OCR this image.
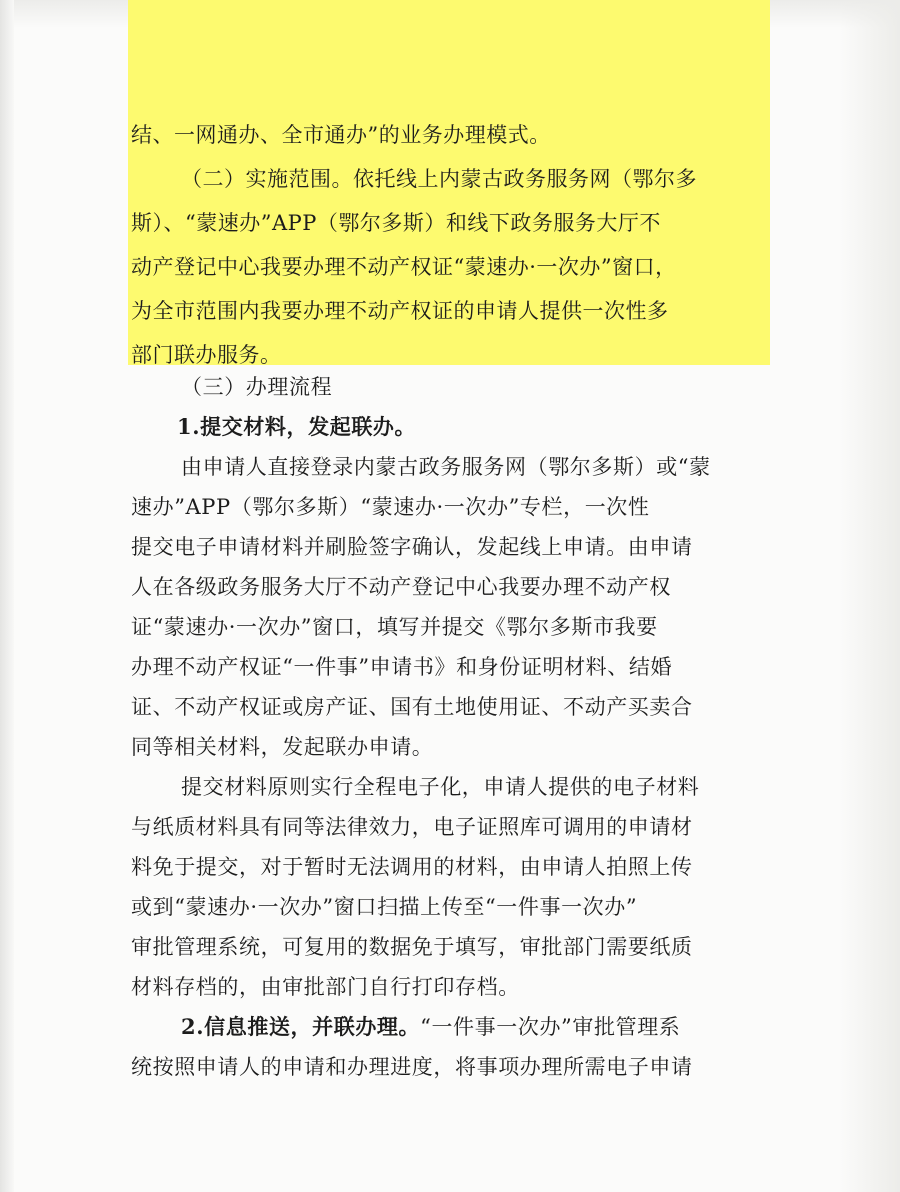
结、一网通办、全市通办”的业务办理模式。
（二）实施范围。依托线上内蒙古政务服务网（鄂尔多
斯）、“蒙速办”APP（鄂尔多斯）和线下政务服务大厅不
动产登记中心我要办理不动产权证“蒙速办·一次办”窗口，
为全市范围内我要办理不动产权证的申请人提供一次性多
部门联办服务。
（三）办理流程
1.提交材料，发起联办。
由申请人直接登录内蒙古政务服务网（鄂尔多斯）或“蒙
速办”APP（鄂尔多斯）“蒙速办·一次办”专栏，一次性
提交电子申请材料并刷脸签字确认，发起线上申请。由申请
人在各级政务服务大厅不动产登记中心我要办理不动产权
证“蒙速办·一次办”窗口，填写并提交《鄂尔多斯市我要
办理不动产权证“一件事”申请书》和身份证明材料、结婚
证、不动产权证或房产证、国有土地使用证、不动产买卖合
同等相关材料，发起联办申请。
提交材料原则实行全程电子化，申请人提供的电子材料
与纸质材料具有同等法律效力，电子证照库可调用的申请材
料免于提交，对于暂时无法调用的材料，由申请人拍照上传
或到“蒙速办·一次办”窗口扫描上传至“一件事一次办”
审批管理系统，可复用的数据免于填写，审批部门需要纸质
材料存档的，由审批部门自行打印存档。
2.信息推送，并联办理。“一件事一次办”审批管理系
统按照申请人的申请和办理进度，将事项办理所需电子申请
